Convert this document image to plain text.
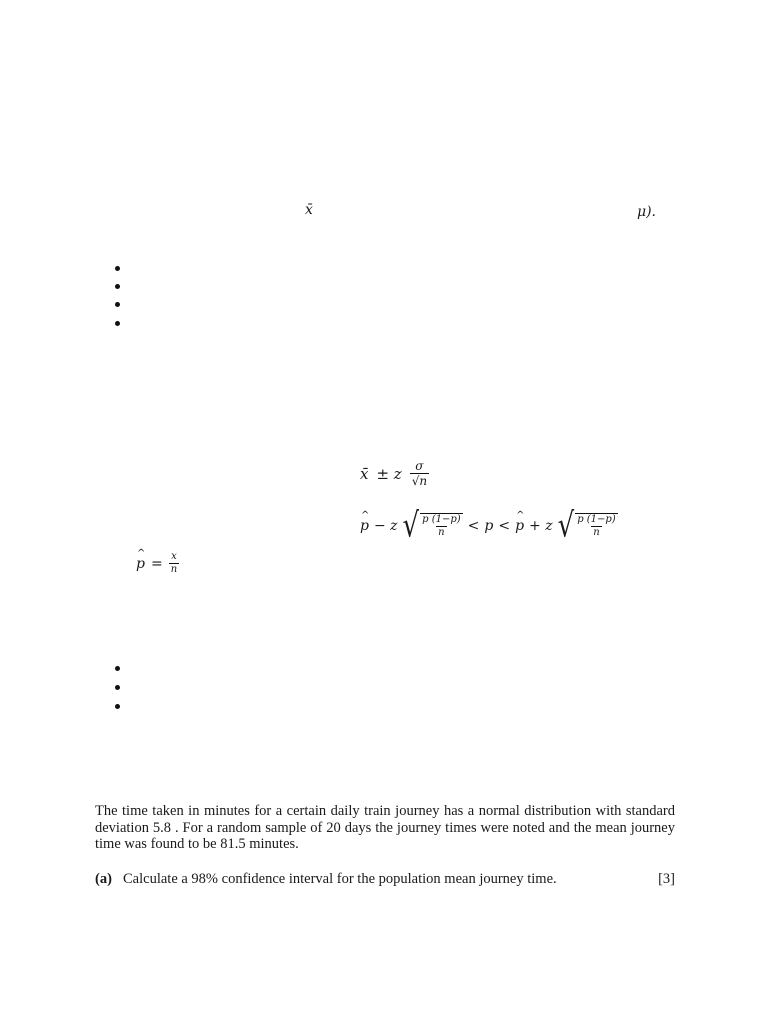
x̄	μ).
x̄ ± z $\frac{\sigma}{√n}$
p ^ − z √ $\frac{p (1-p)}{n} < p < p$ ^ + z √ $\frac{p (1-p)}{n}$
p ^ = $\frac{x}{n}$
The time taken in minutes for a certain daily train journey has a normal distribution with standard deviation 5.8 . For a random sample of 20 days the journey times were noted and the mean journey time was found to be 81.5 minutes.
(a) Calculate a 98% confidence interval for the population mean journey time.	[3]
